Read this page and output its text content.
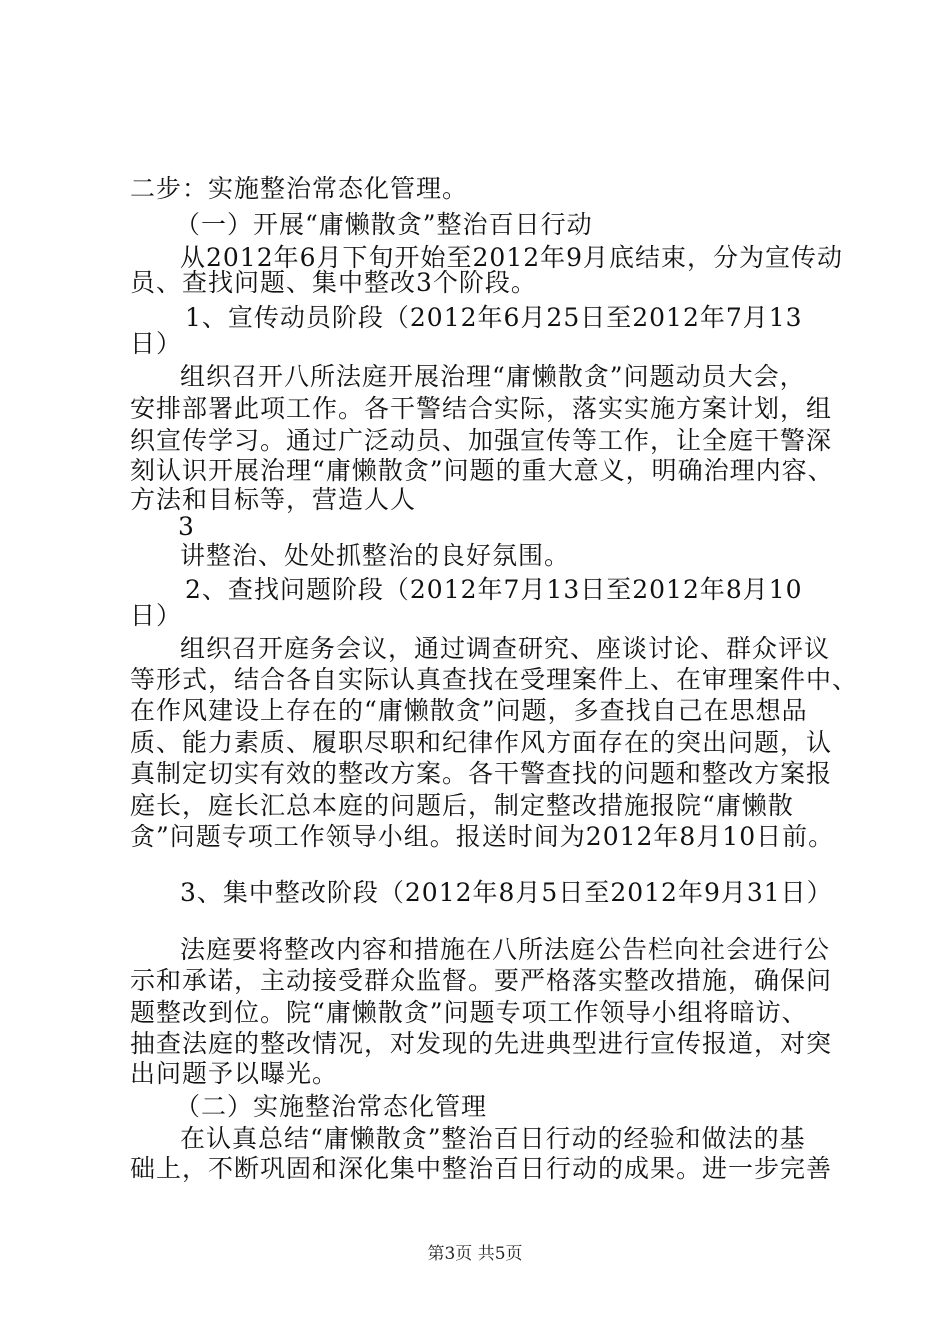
二步：实施整治常态化管理。
（一）开展“庸懒散贪”整治百日行动
从2012年6月下旬开始至2012年9月底结束，分为宣传动
员、查找问题、集中整改3个阶段。
1、宣传动员阶段（2012年6月25日至2012年7月13
日）
组织召开八所法庭开展治理“庸懒散贪”问题动员大会，
安排部署此项工作。各干警结合实际，落实实施方案计划，组
织宣传学习。通过广泛动员、加强宣传等工作，让全庭干警深
刻认识开展治理“庸懒散贪”问题的重大意义，明确治理内容、
方法和目标等，营造人人
3
讲整治、处处抓整治的良好氛围。
2、查找问题阶段（2012年7月13日至2012年8月10
日）
组织召开庭务会议，通过调查研究、座谈讨论、群众评议
等形式，结合各自实际认真查找在受理案件上、在审理案件中、
在作风建设上存在的“庸懒散贪”问题，多查找自己在思想品
质、能力素质、履职尽职和纪律作风方面存在的突出问题，认
真制定切实有效的整改方案。各干警查找的问题和整改方案报
庭长，庭长汇总本庭的问题后，制定整改措施报院“庸懒散
贪”问题专项工作领导小组。报送时间为2012年8月10日前。
3、集中整改阶段（2012年8月5日至2012年9月31日）
法庭要将整改内容和措施在八所法庭公告栏向社会进行公
示和承诺，主动接受群众监督。要严格落实整改措施，确保问
题整改到位。院“庸懒散贪”问题专项工作领导小组将暗访、
抽查法庭的整改情况，对发现的先进典型进行宣传报道，对突
出问题予以曝光。
（二）实施整治常态化管理
在认真总结“庸懒散贪”整治百日行动的经验和做法的基
础上，不断巩固和深化集中整治百日行动的成果。进一步完善
第3页 共5页
